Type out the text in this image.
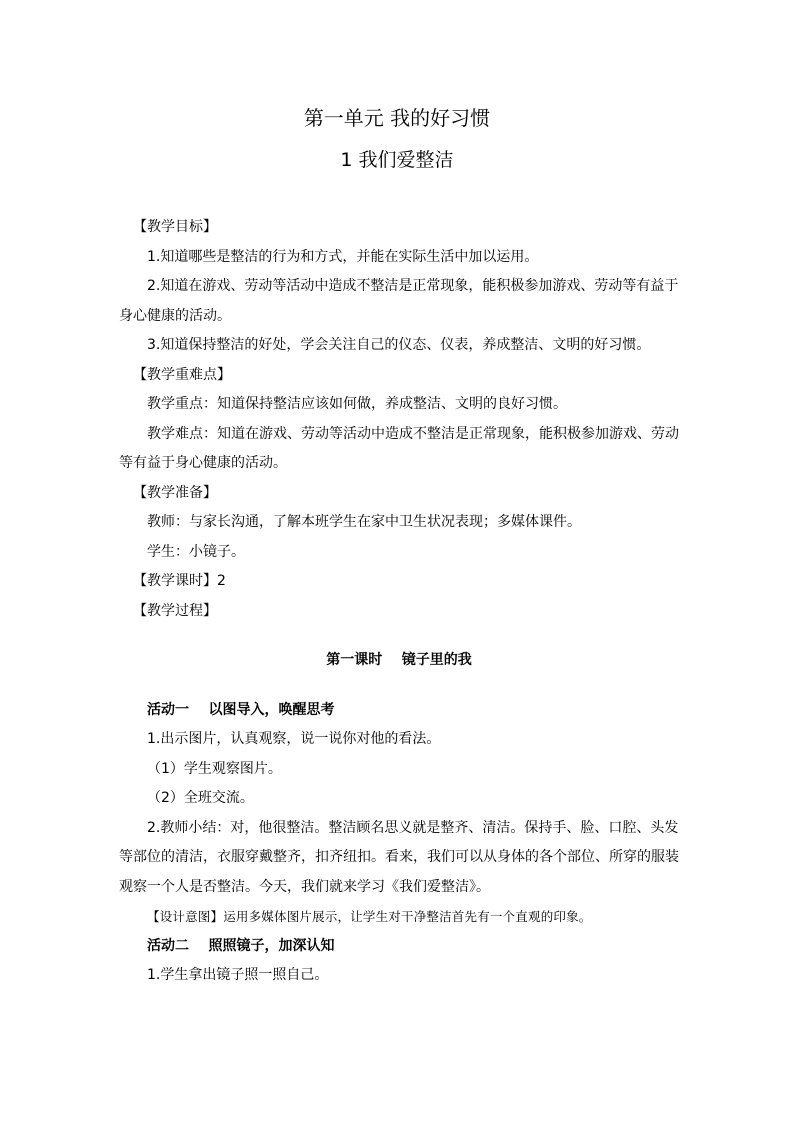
第一单元 我的好习惯
1 我们爱整洁

【教学目标】

1.知道哪些是整洁的行为和方式，并能在实际生活中加以运用。

2.知道在游戏、劳动等活动中造成不整洁是正常现象，能积极参加游戏、劳动等有益于身心健康的活动。

3.知道保持整洁的好处，学会关注自己的仪态、仪表，养成整洁、文明的好习惯。

【教学重难点】

教学重点：知道保持整洁应该如何做，养成整洁、文明的良好习惯。

教学难点：知道在游戏、劳动等活动中造成不整洁是正常现象，能积极参加游戏、劳动等有益于身心健康的活动。

【教学准备】

教师：与家长沟通，了解本班学生在家中卫生状况表现；多媒体课件。

学生：小镜子。

【教学课时】2

【教学过程】

第一课时    镜子里的我

活动一    以图导入，唤醒思考

1.出示图片，认真观察，说一说你对他的看法。

（1）学生观察图片。

（2）全班交流。

2.教师小结：对，他很整洁。整洁顾名思义就是整齐、清洁。保持手、脸、口腔、头发等部位的清洁，衣服穿戴整齐，扣齐纽扣。看来，我们可以从身体的各个部位、所穿的服装观察一个人是否整洁。今天，我们就来学习《我们爱整洁》。

【设计意图】运用多媒体图片展示，让学生对干净整洁首先有一个直观的印象。

活动二    照照镜子，加深认知

1.学生拿出镜子照一照自己。
